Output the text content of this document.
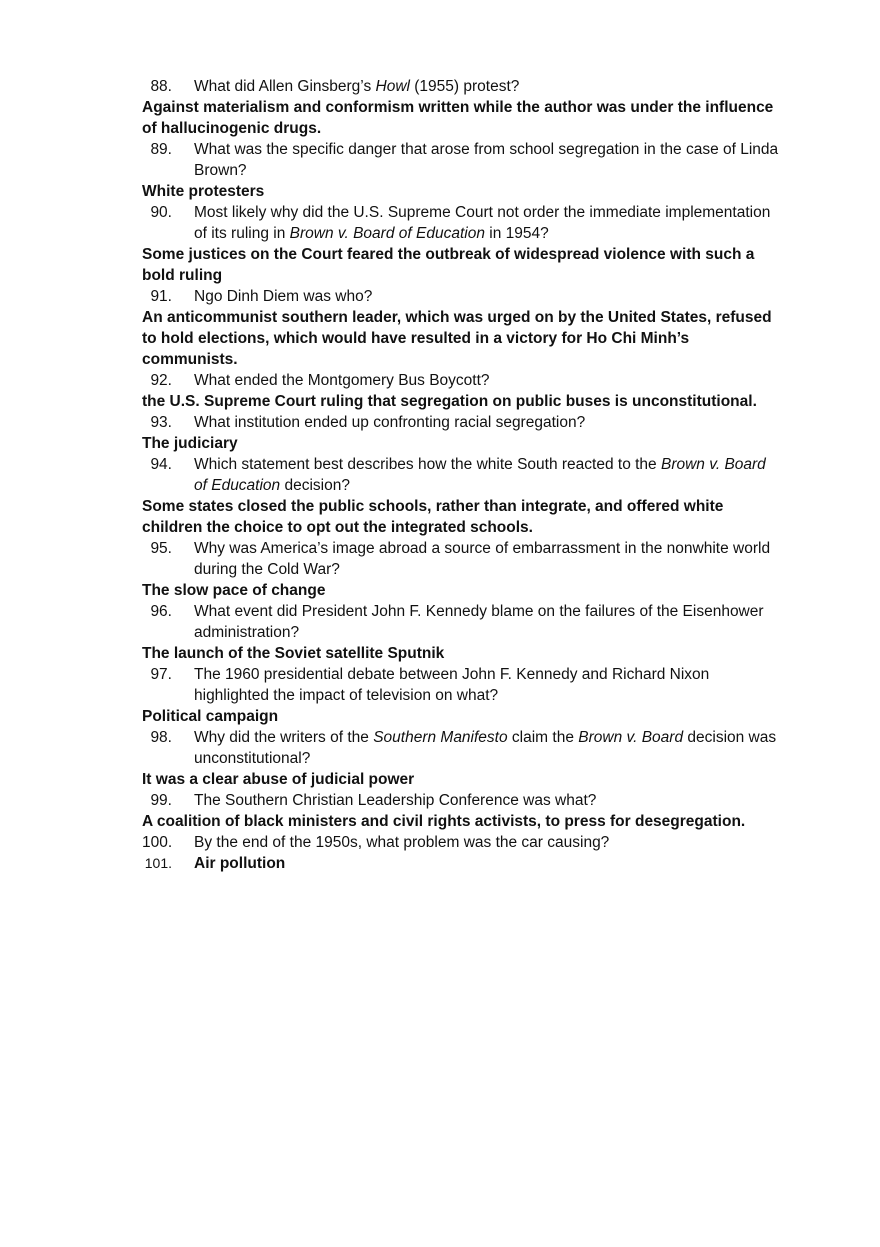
88. What did Allen Ginsberg’s Howl (1955) protest?
Against materialism and conformism written while the author was under the influence of hallucinogenic drugs.
89. What was the specific danger that arose from school segregation in the case of Linda Brown?
White protesters
90. Most likely why did the U.S. Supreme Court not order the immediate implementation of its ruling in Brown v. Board of Education in 1954?
Some justices on the Court feared the outbreak of widespread violence with such a bold ruling
91. Ngo Dinh Diem was who?
An anticommunist southern leader, which was urged on by the United States, refused to hold elections, which would have resulted in a victory for Ho Chi Minh’s communists.
92. What ended the Montgomery Bus Boycott?
the U.S. Supreme Court ruling that segregation on public buses is unconstitutional.
93. What institution ended up confronting racial segregation?
The judiciary
94. Which statement best describes how the white South reacted to the Brown v. Board of Education decision?
Some states closed the public schools, rather than integrate, and offered white children the choice to opt out the integrated schools.
95. Why was America’s image abroad a source of embarrassment in the nonwhite world during the Cold War?
The slow pace of change
96. What event did President John F. Kennedy blame on the failures of the Eisenhower administration?
The launch of the Soviet satellite Sputnik
97. The 1960 presidential debate between John F. Kennedy and Richard Nixon highlighted the impact of television on what?
Political campaign
98. Why did the writers of the Southern Manifesto claim the Brown v. Board decision was unconstitutional?
It was a clear abuse of judicial power
99. The Southern Christian Leadership Conference was what?
A coalition of black ministers and civil rights activists, to press for desegregation.
100. By the end of the 1950s, what problem was the car causing?
101. Air pollution
